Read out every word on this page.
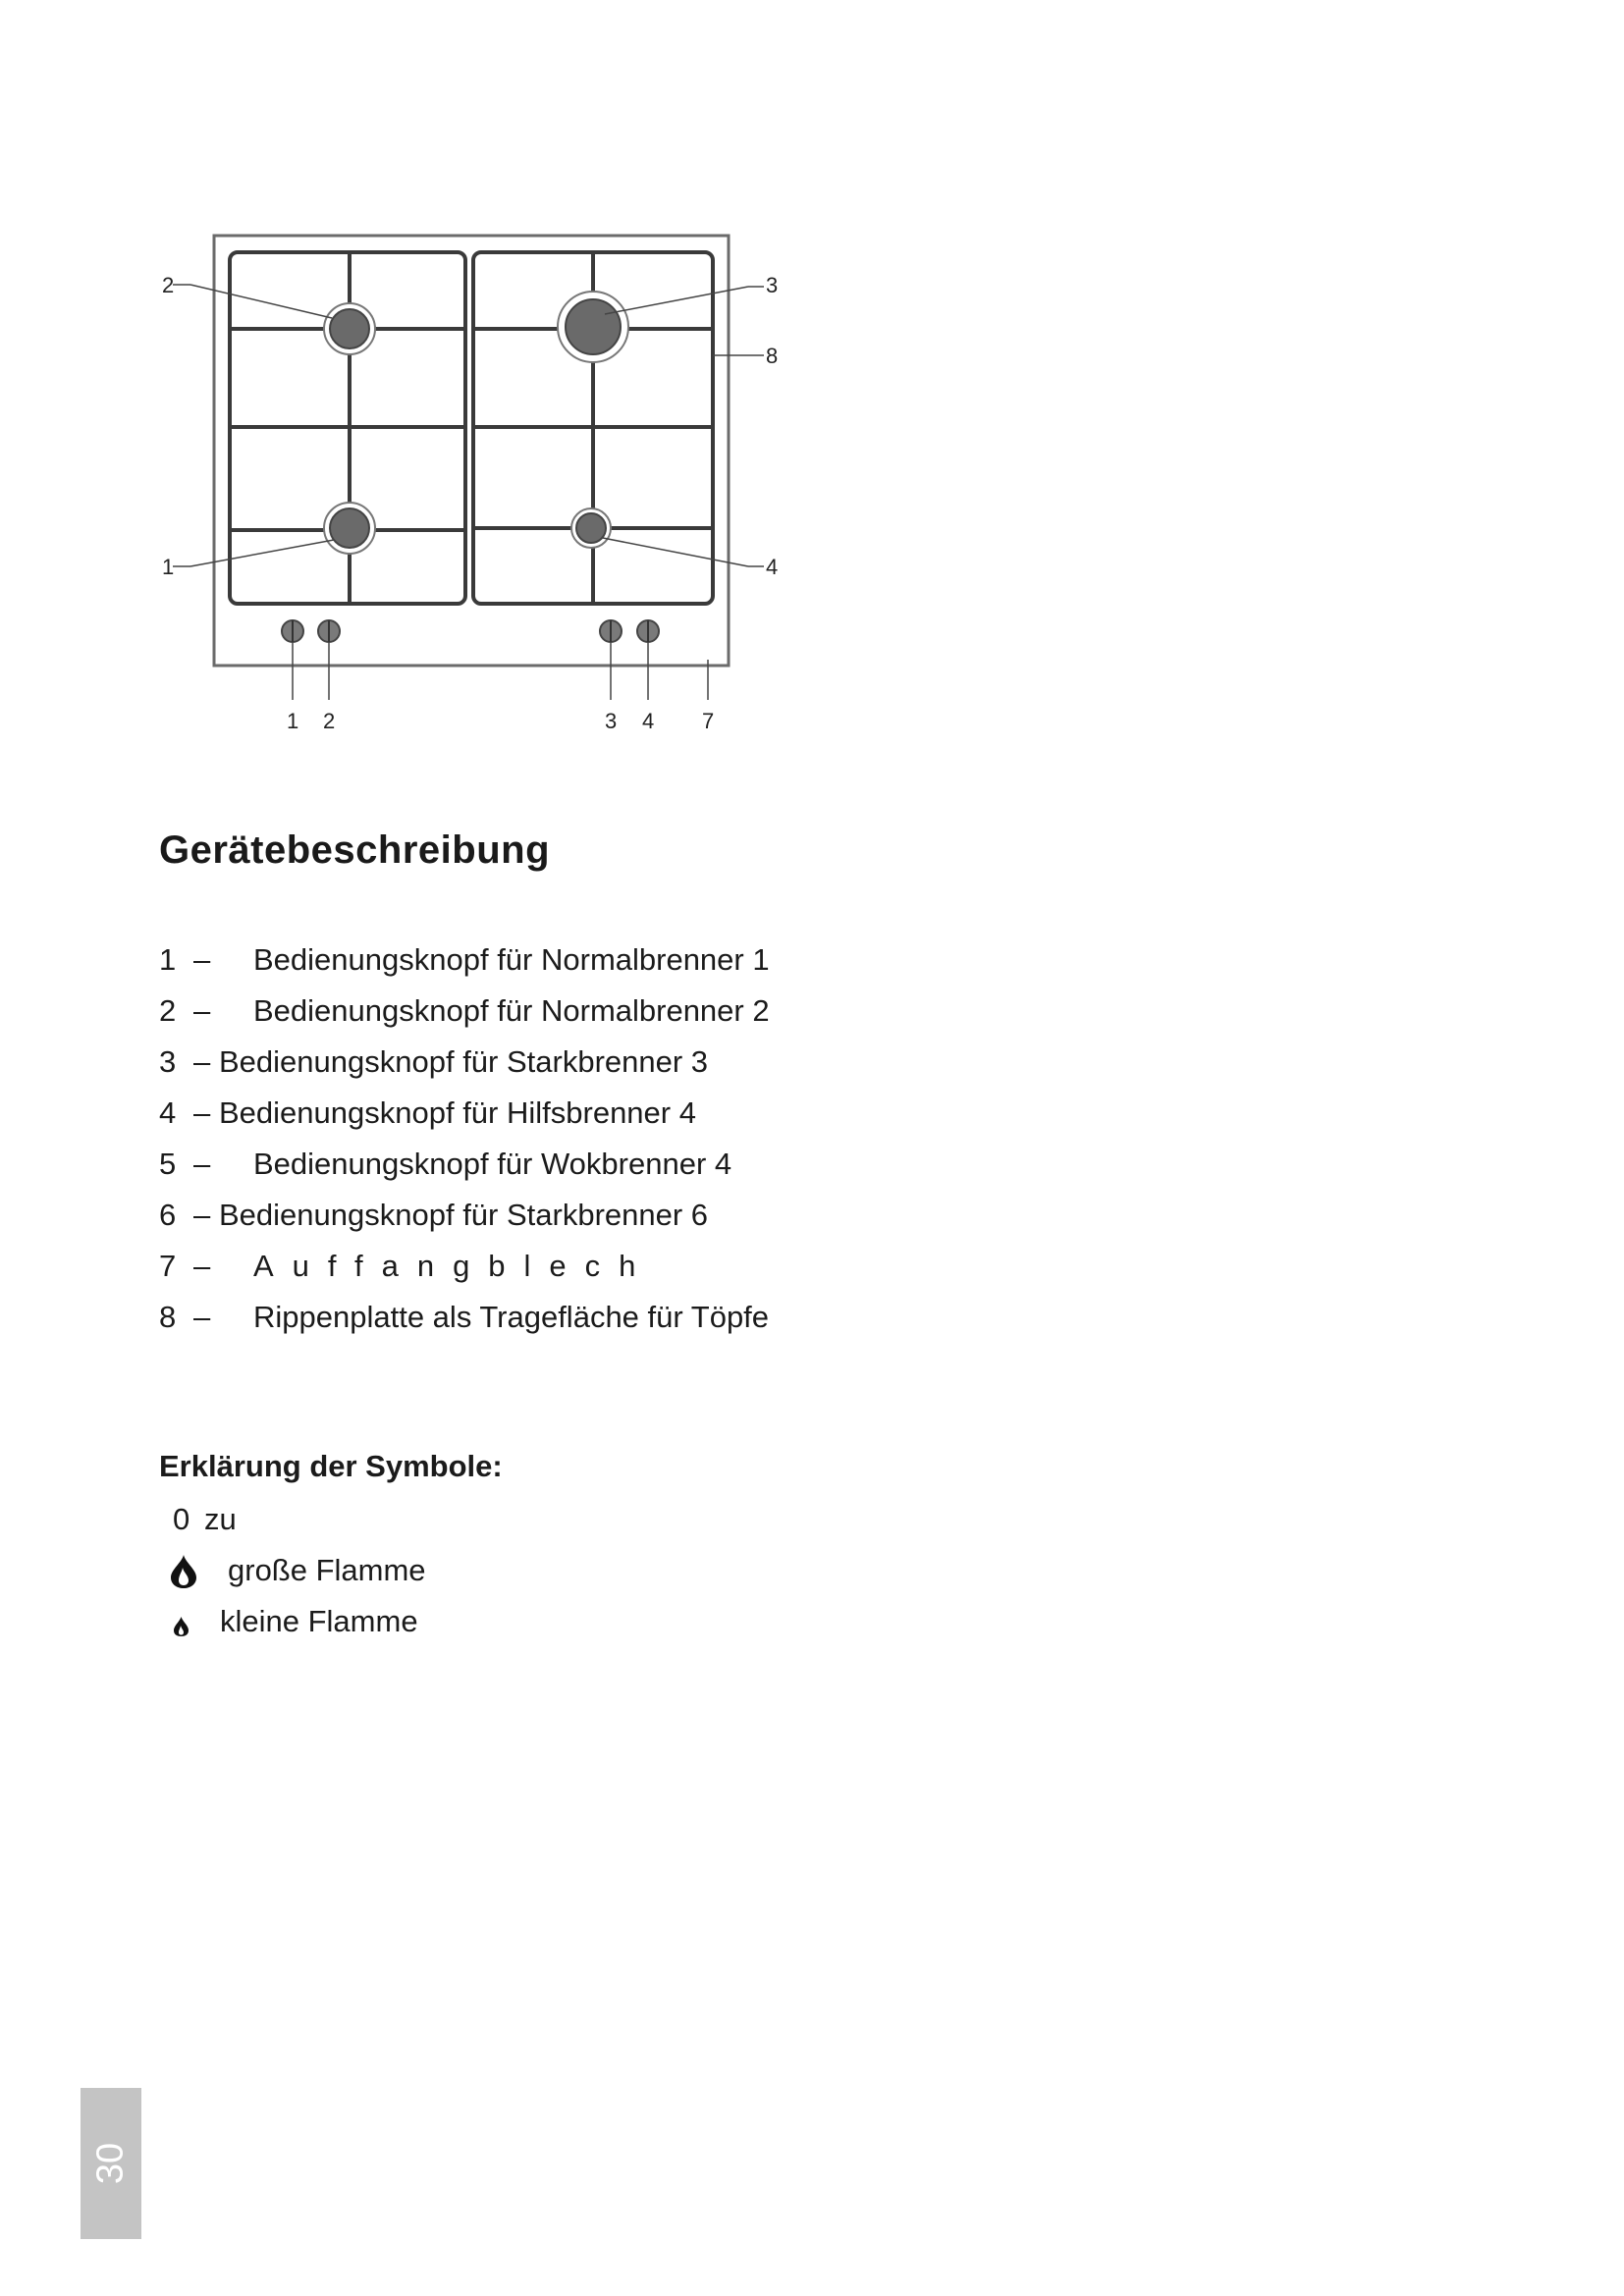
2	3
8
1	4
1 2	3 4 7
Gerätebeschreibung
1 – Bedienungsknopf für Normalbrenner 1
2 – Bedienungsknopf für Normalbrenner 2
3 – Bedienungsknopf für Starkbrenner 3
4 – Bedienungsknopf für Hilfsbrenner 4
5 – Bedienungsknopf für Wokbrenner 4
6 – Bedienungsknopf für Starkbrenner 6
7 – Auffangblech
8 – Rippenplatte als Tragefläche für Töpfe
Erklärung der Symbole:
0 zu
große Flamme
kleine Flamme
30
